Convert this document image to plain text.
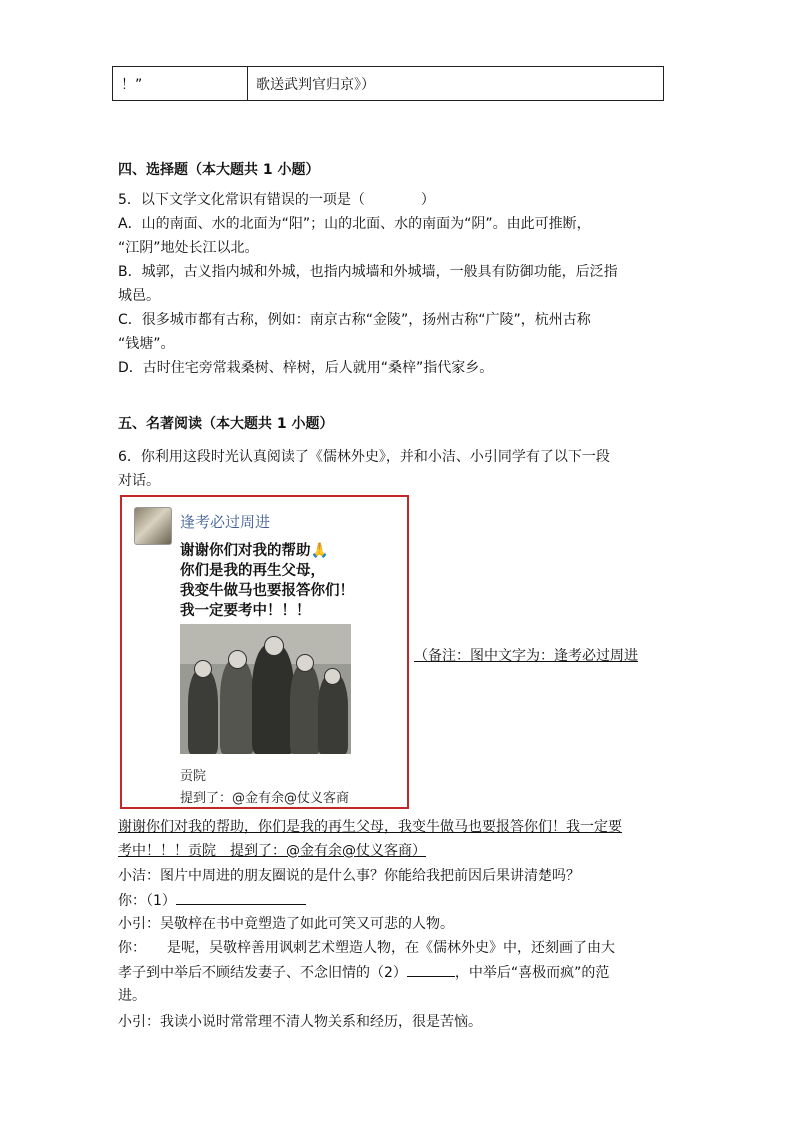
！”	歌送武判官归京》）
四、选择题（本大题共 1 小题）
5．以下文学文化常识有错误的一项是（　　　　）
A．山的南面、水的北面为“阳”；山的北面、水的南面为“阴”。由此可推断，
“江阴”地处长江以北。
B．城郭，古义指内城和外城，也指内城墙和外城墙，一般具有防御功能，后泛指
城邑。
C．很多城市都有古称，例如：南京古称“金陵”，扬州古称“广陵”，杭州古称
“钱塘”。
D．古时住宅旁常栽桑树、梓树，后人就用“桑梓”指代家乡。
五、名著阅读（本大题共 1 小题）
6．你利用这段时光认真阅读了《儒林外史》，并和小洁、小引同学有了以下一段
对话。
逢考必过周进
谢谢你们对我的帮助🙏
你们是我的再生父母，
我变牛做马也要报答你们！
我一定要考中！！！
贡院
提到了：@金有余@仗义客商
（备注：图中文字为：逢考必过周进
谢谢你们对我的帮助，你们是我的再生父母，我变牛做马也要报答你们！我一定要
考中！！！贡院　提到了：@金有余@仗义客商）
小洁：图片中周进的朋友圈说的是什么事？你能给我把前因后果讲清楚吗？
你：（1）
小引：吴敬梓在书中竟塑造了如此可笑又可悲的人物。
你：　　是呢，吴敬梓善用讽刺艺术塑造人物，在《儒林外史》中，还刻画了由大
孝子到中举后不顾结发妻子、不念旧情的（2）	，中举后“喜极而疯”的范
进。
小引：我读小说时常常理不清人物关系和经历，很是苦恼。
